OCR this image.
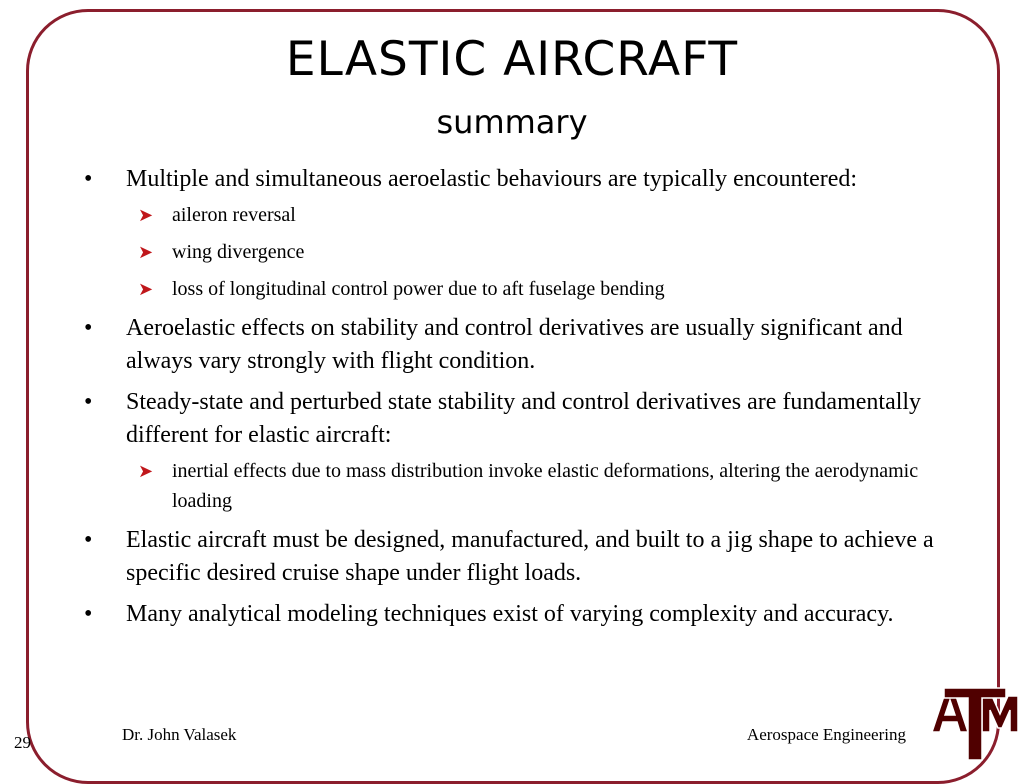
ELASTIC AIRCRAFT
summary
• Multiple and simultaneous aeroelastic behaviours are typically encountered:
➤ aileron reversal
➤ wing divergence
➤ loss of longitudinal control power due to aft fuselage bending
• Aeroelastic effects on stability and control derivatives are usually significant and always vary strongly with flight condition.
• Steady-state and perturbed state stability and control derivatives are fundamentally different for elastic aircraft:
➤ inertial effects due to mass distribution invoke elastic deformations, altering the aerodynamic loading
• Elastic aircraft must be designed, manufactured, and built to a jig shape to achieve a specific desired cruise shape under flight loads.
• Many analytical modeling techniques exist of varying complexity and accuracy.
29	Dr. John Valasek	Aerospace Engineering
